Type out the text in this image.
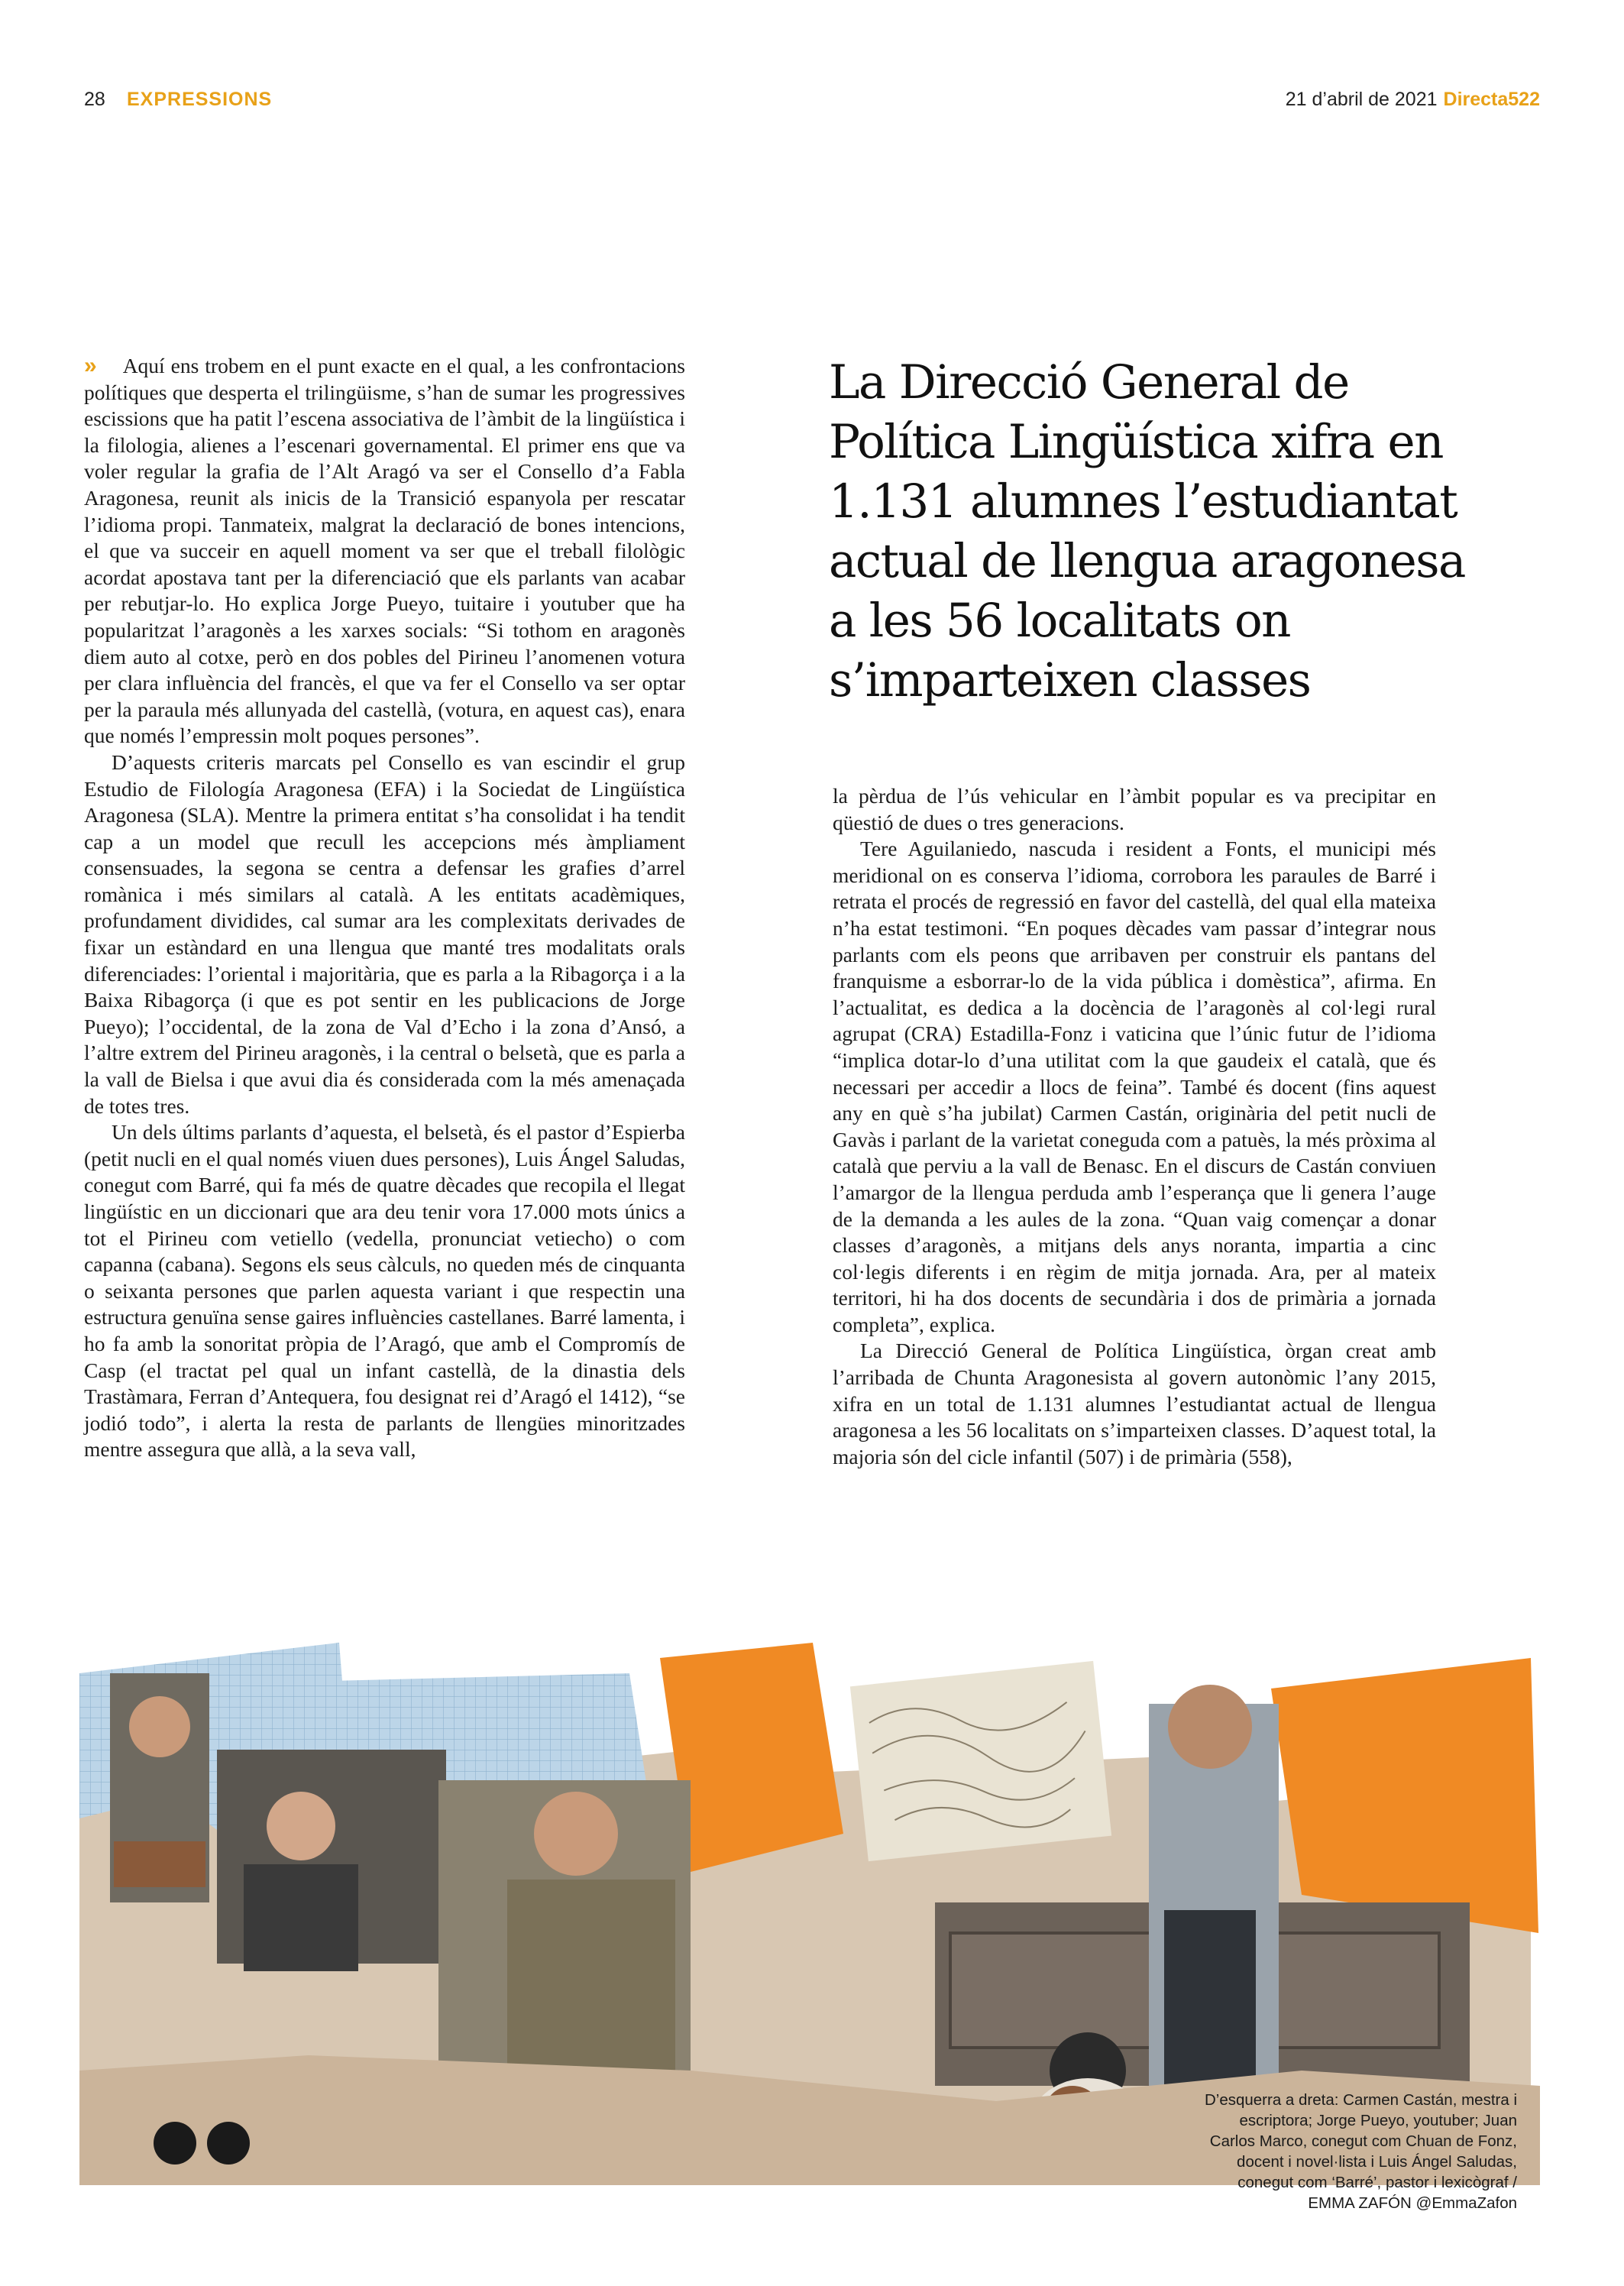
28 EXPRESSIONS	21 d’abril de 2021 Directa522

» Aquí ens trobem en el punt exacte en el qual, a les confrontacions polítiques que desperta el trilingüisme, s’han de sumar les progressives escissions que ha patit l’escena associativa de l’àmbit de la lingüística i la filologia, alienes a l’escenari governamental. El primer ens que va voler regular la grafia de l’Alt Aragó va ser el Consello d’a Fabla Aragonesa, reunit als inicis de la Transició espanyola per rescatar l’idioma propi. Tanmateix, malgrat la declaració de bones intencions, el que va succeir en aquell moment va ser que el treball filològic acordat apostava tant per la diferenciació que els parlants van acabar per rebutjar-lo. Ho explica Jorge Pueyo, tuitaire i youtuber que ha popularitzat l’aragonès a les xarxes socials: “Si tothom en aragonès diem auto al cotxe, però en dos pobles del Pirineu l’anomenen votura per clara influència del francès, el que va fer el Consello va ser optar per la paraula més allunyada del castellà, (votura, en aquest cas), enara que només l’empressin molt poques persones”.

D’aquests criteris marcats pel Consello es van escindir el grup Estudio de Filología Aragonesa (EFA) i la Sociedat de Lingüística Aragonesa (SLA). Mentre la primera entitat s’ha consolidat i ha tendit cap a un model que recull les accepcions més àmpliament consensuades, la segona se centra a defensar les grafies d’arrel romànica i més similars al català. A les entitats acadèmiques, profundament dividides, cal sumar ara les complexitats derivades de fixar un estàndard en una llengua que manté tres modalitats orals diferenciades: l’oriental i majoritària, que es parla a la Ribagorça i a la Baixa Ribagorça (i que es pot sentir en les publicacions de Jorge Pueyo); l’occidental, de la zona de Val d’Echo i la zona d’Ansó, a l’altre extrem del Pirineu aragonès, i la central o belsetà, que es parla a la vall de Bielsa i que avui dia és considerada com la més amenaçada de totes tres.

Un dels últims parlants d’aquesta, el belsetà, és el pastor d’Espierba (petit nucli en el qual només viuen dues persones), Luis Ángel Saludas, conegut com Barré, qui fa més de quatre dècades que recopila el llegat lingüístic en un diccionari que ara deu tenir vora 17.000 mots únics a tot el Pirineu com vetiello (vedella, pronunciat vetiecho) o com capanna (cabana). Segons els seus càlculs, no queden més de cinquanta o seixanta persones que parlen aquesta variant i que respectin una estructura genuïna sense gaires influències castellanes. Barré lamenta, i ho fa amb la sonoritat pròpia de l’Aragó, que amb el Compromís de Casp (el tractat pel qual un infant castellà, de la dinastia dels Trastàmara, Ferran d’Antequera, fou designat rei d’Aragó el 1412), “se jodió todo”, i alerta la resta de parlants de llengües minoritzades mentre assegura que allà, a la seva vall,

La Direcció General de Política Lingüística xifra en 1.131 alumnes l’estudiantat actual de llengua aragonesa a les 56 localitats on s’imparteixen classes

la pèrdua de l’ús vehicular en l’àmbit popular es va precipitar en qüestió de dues o tres generacions.

Tere Aguilaniedo, nascuda i resident a Fonts, el municipi més meridional on es conserva l’idioma, corrobora les paraules de Barré i retrata el procés de regressió en favor del castellà, del qual ella mateixa n’ha estat testimoni. “En poques dècades vam passar d’integrar nous parlants com els peons que arribaven per construir els pantans del franquisme a esborrar-lo de la vida pública i domèstica”, afirma. En l’actualitat, es dedica a la docència de l’aragonès al col·legi rural agrupat (CRA) Estadilla-Fonz i vaticina que l’únic futur de l’idioma “implica dotar-lo d’una utilitat com la que gaudeix el català, que és necessari per accedir a llocs de feina”. També és docent (fins aquest any en què s’ha jubilat) Carmen Castán, originària del petit nucli de Gavàs i parlant de la varietat coneguda com a patuès, la més pròxima al català que perviu a la vall de Benasc. En el discurs de Castán conviuen l’amargor de la llengua perduda amb l’esperança que li genera l’auge de la demanda a les aules de la zona. “Quan vaig començar a donar classes d’aragonès, a mitjans dels anys noranta, impartia a cinc col·legis diferents i en règim de mitja jornada. Ara, per al mateix territori, hi ha dos docents de secundària i dos de primària a jornada completa”, explica.

La Direcció General de Política Lingüística, òrgan creat amb l’arribada de Chunta Aragonesista al govern autonòmic l’any 2015, xifra en un total de 1.131 alumnes l’estudiantat actual de llengua aragonesa a les 56 localitats on s’imparteixen classes. D’aquest total, la majoria són del cicle infantil (507) i de primària (558),

D’esquerra a dreta: Carmen Castán, mestra i escriptora; Jorge Pueyo, youtuber; Juan Carlos Marco, conegut com Chuan de Fonz, docent i novel·lista i Luis Ángel Saludas, conegut com ‘Barré’, pastor i lexicògraf / EMMA ZAFÓN @EmmaZafon
